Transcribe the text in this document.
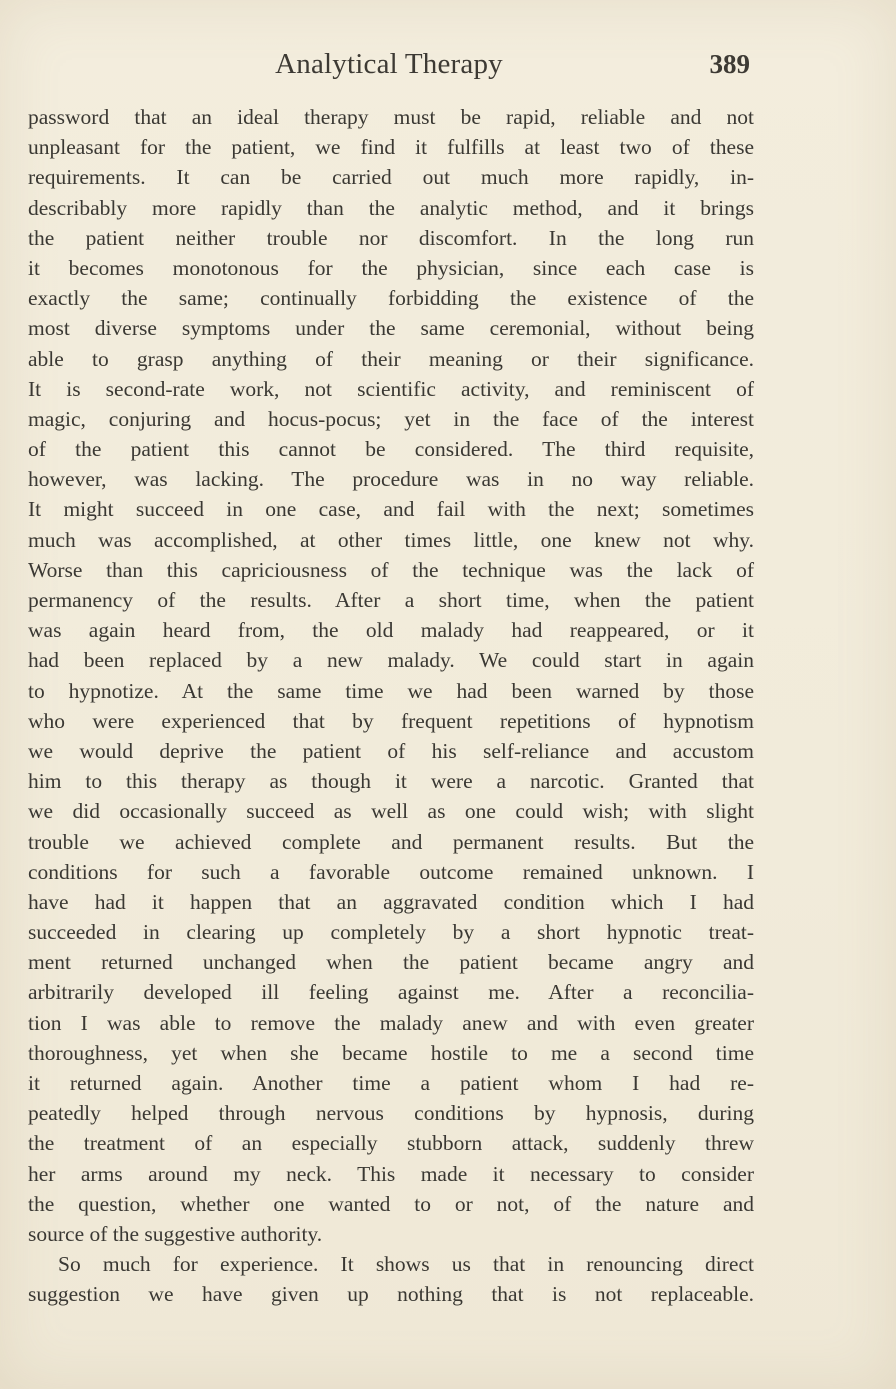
Analytical Therapy	389
password that an ideal therapy must be rapid, reliable and not
unpleasant for the patient, we find it fulfills at least two of these
requirements. It can be carried out much more rapidly, in-
describably more rapidly than the analytic method, and it brings
the patient neither trouble nor discomfort. In the long run
it becomes monotonous for the physician, since each case is
exactly the same; continually forbidding the existence of the
most diverse symptoms under the same ceremonial, without being
able to grasp anything of their meaning or their significance.
It is second-rate work, not scientific activity, and reminiscent of
magic, conjuring and hocus-pocus; yet in the face of the interest
of the patient this cannot be considered. The third requisite,
however, was lacking. The procedure was in no way reliable.
It might succeed in one case, and fail with the next; sometimes
much was accomplished, at other times little, one knew not why.
Worse than this capriciousness of the technique was the lack of
permanency of the results. After a short time, when the patient
was again heard from, the old malady had reappeared, or it
had been replaced by a new malady. We could start in again
to hypnotize. At the same time we had been warned by those
who were experienced that by frequent repetitions of hypnotism
we would deprive the patient of his self-reliance and accustom
him to this therapy as though it were a narcotic. Granted that
we did occasionally succeed as well as one could wish; with slight
trouble we achieved complete and permanent results. But the
conditions for such a favorable outcome remained unknown. I
have had it happen that an aggravated condition which I had
succeeded in clearing up completely by a short hypnotic treat-
ment returned unchanged when the patient became angry and
arbitrarily developed ill feeling against me. After a reconcilia-
tion I was able to remove the malady anew and with even greater
thoroughness, yet when she became hostile to me a second time
it returned again. Another time a patient whom I had re-
peatedly helped through nervous conditions by hypnosis, during
the treatment of an especially stubborn attack, suddenly threw
her arms around my neck. This made it necessary to consider
the question, whether one wanted to or not, of the nature and
source of the suggestive authority.
So much for experience. It shows us that in renouncing direct
suggestion we have given up nothing that is not replaceable.
